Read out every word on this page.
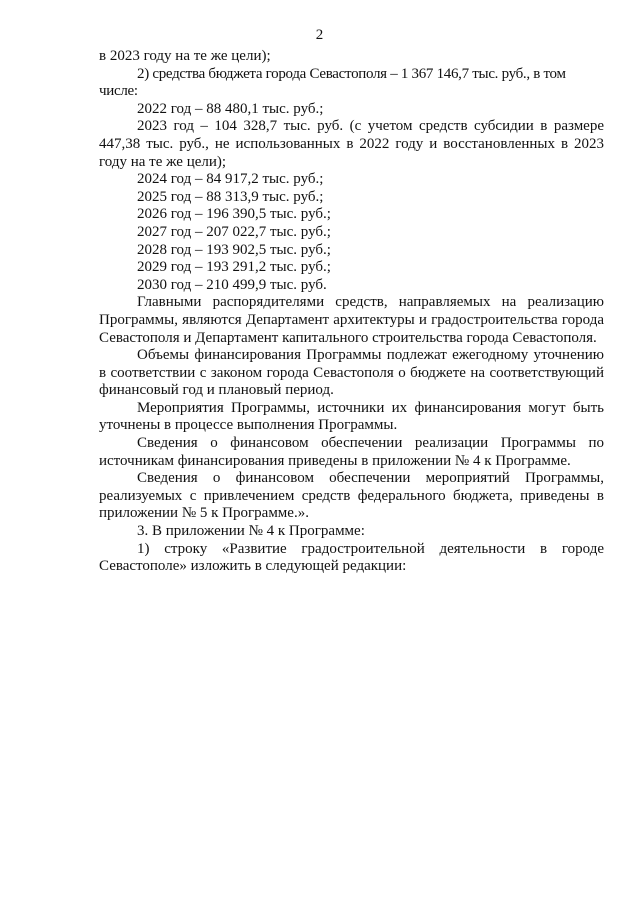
2

в 2023 году на те же цели);

2) средства бюджета города Севастополя – 1 367 146,7 тыс. руб., в том числе:

2022 год – 88 480,1 тыс. руб.;

2023 год – 104 328,7 тыс. руб. (с учетом средств субсидии в размере 447,38 тыс. руб., не использованных в 2022 году и восстановленных в 2023 году на те же цели);

2024 год – 84 917,2 тыс. руб.;

2025 год – 88 313,9 тыс. руб.;

2026 год – 196 390,5 тыс. руб.;

2027 год – 207 022,7 тыс. руб.;

2028 год – 193 902,5 тыс. руб.;

2029 год – 193 291,2 тыс. руб.;

2030 год – 210 499,9 тыс. руб.

Главными распорядителями средств, направляемых на реализацию Программы, являются Департамент архитектуры и градостроительства города Севастополя и Департамент капитального строительства города Севастополя.

Объемы финансирования Программы подлежат ежегодному уточнению в соответствии с законом города Севастополя о бюджете на соответствующий финансовый год и плановый период.

Мероприятия Программы, источники их финансирования могут быть уточнены в процессе выполнения Программы.

Сведения о финансовом обеспечении реализации Программы по источникам финансирования приведены в приложении № 4 к Программе.

Сведения о финансовом обеспечении мероприятий Программы, реализуемых с привлечением средств федерального бюджета, приведены в приложении № 5 к Программе.».

3. В приложении № 4 к Программе:

1) строку «Развитие градостроительной деятельности в городе Севастополе» изложить в следующей редакции:
